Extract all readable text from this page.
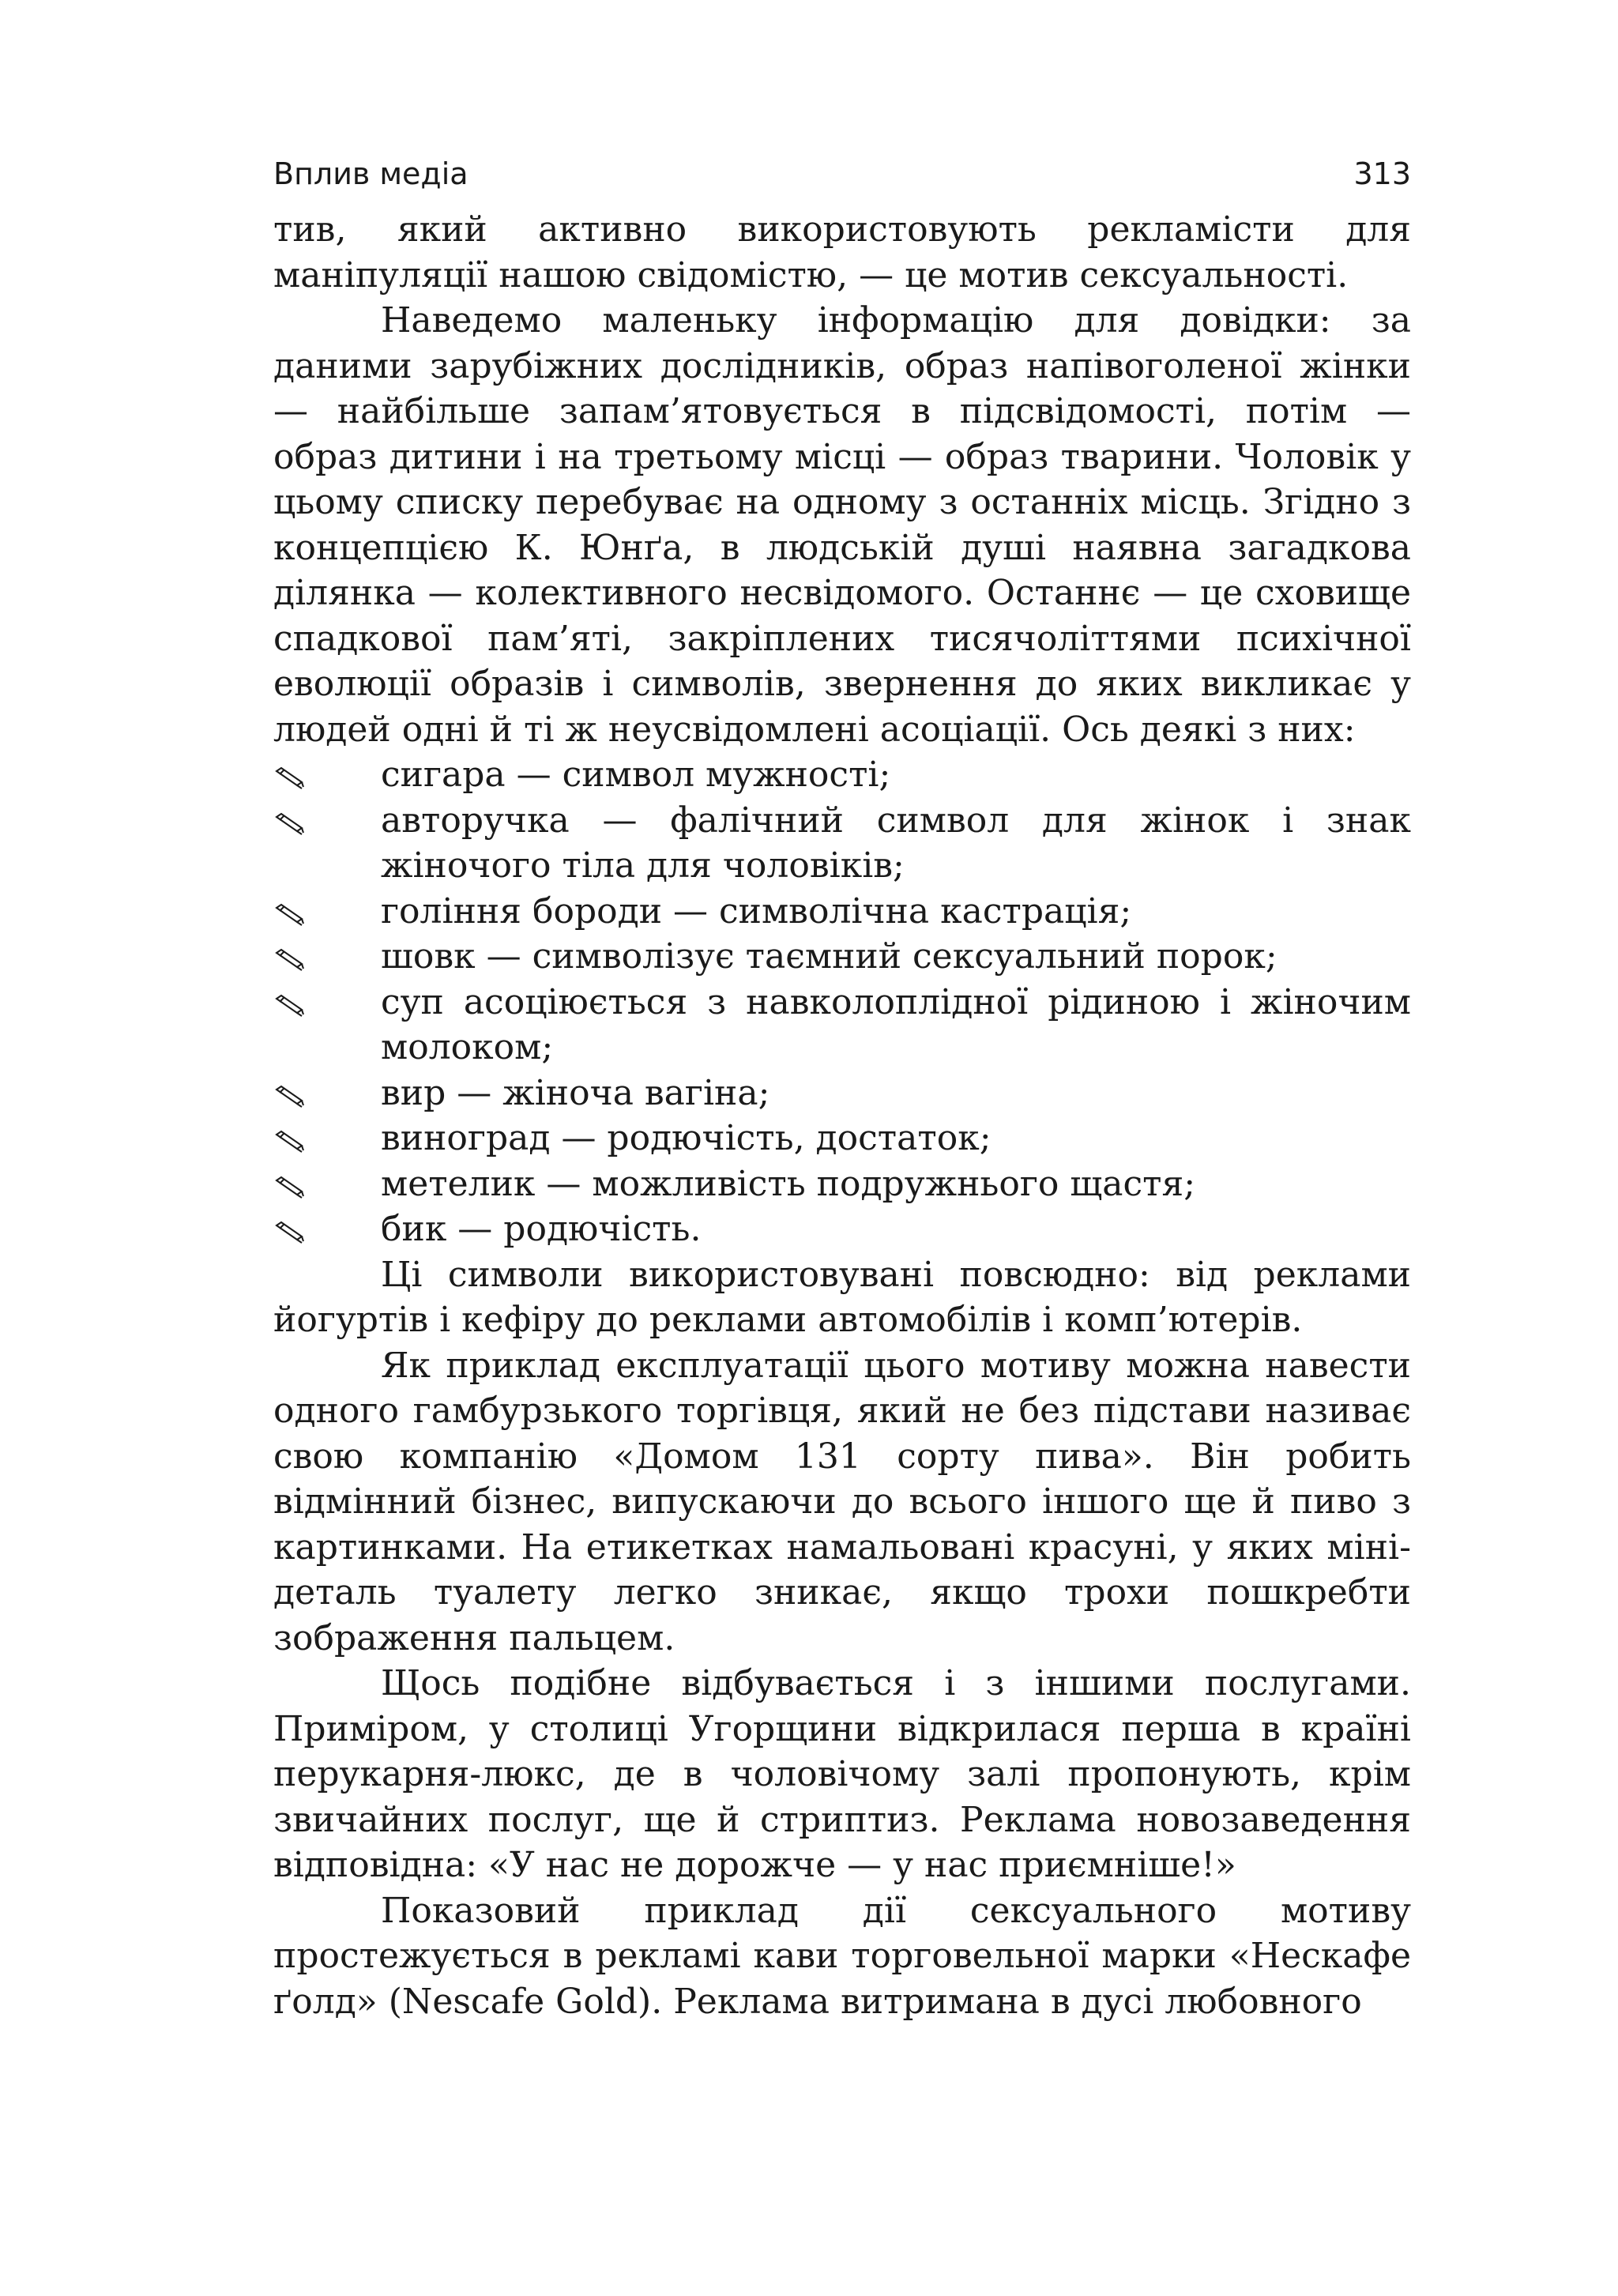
Вплив медіа	313

тив, який активно використовують рекламісти для маніпуляції нашою свідомістю, — це мотив сексуальності.

Наведемо маленьку інформацію для довідки: за даними зарубіжних дослідників, образ напівоголеної жінки — найбільше запам’ятовується в підсвідомості, потім — образ дитини і на третьому місці — образ тварини. Чоловік у цьому списку перебуває на одному з останніх місць. Згідно з концепцією К. Юнґа, в людській душі наявна загадкова ділянка — колективного несвідомого. Останнє — це сховище спадкової пам’яті, закріплених тисячоліттями психічної еволюції образів і символів, звернення до яких викликає у людей одні й ті ж неусвідомлені асоціації. Ось деякі з них:

сигара — символ мужності;
авторучка — фалічний символ для жінок і знак жіночого тіла для чоловіків;
гоління бороди — символічна кастрація;
шовк — символізує таємний сексуальний порок;
суп асоціюється з навколоплідної рідиною і жіночим молоком;
вир — жіноча вагіна;
виноград — родючість, достаток;
метелик — можливість подружнього щастя;
бик — родючість.

Ці символи використовувані повсюдно: від реклами йогуртів і кефіру до реклами автомобілів і комп’ютерів.

Як приклад експлуатації цього мотиву можна навести одного гамбурзького торгівця, який не без підстави називає свою компанію «Домом 131 сорту пива». Він робить відмінний бізнес, випускаючи до всього іншого ще й пиво з картинками. На етикетках намальовані красуні, у яких міні-деталь туалету легко зникає, якщо трохи пошкребти зображення пальцем.

Щось подібне відбувається і з іншими послугами. Приміром, у столиці Угорщини відкрилася перша в країні перукарня-люкс, де в чоловічому залі пропонують, крім звичайних послуг, ще й стриптиз. Реклама новозаведення відповідна: «У нас не дорожче — у нас приємніше!»

Показовий приклад дії сексуального мотиву простежується в рекламі кави торговельної марки «Нескафе ґолд» (Nescafe Gold). Реклама витримана в дусі любовного
